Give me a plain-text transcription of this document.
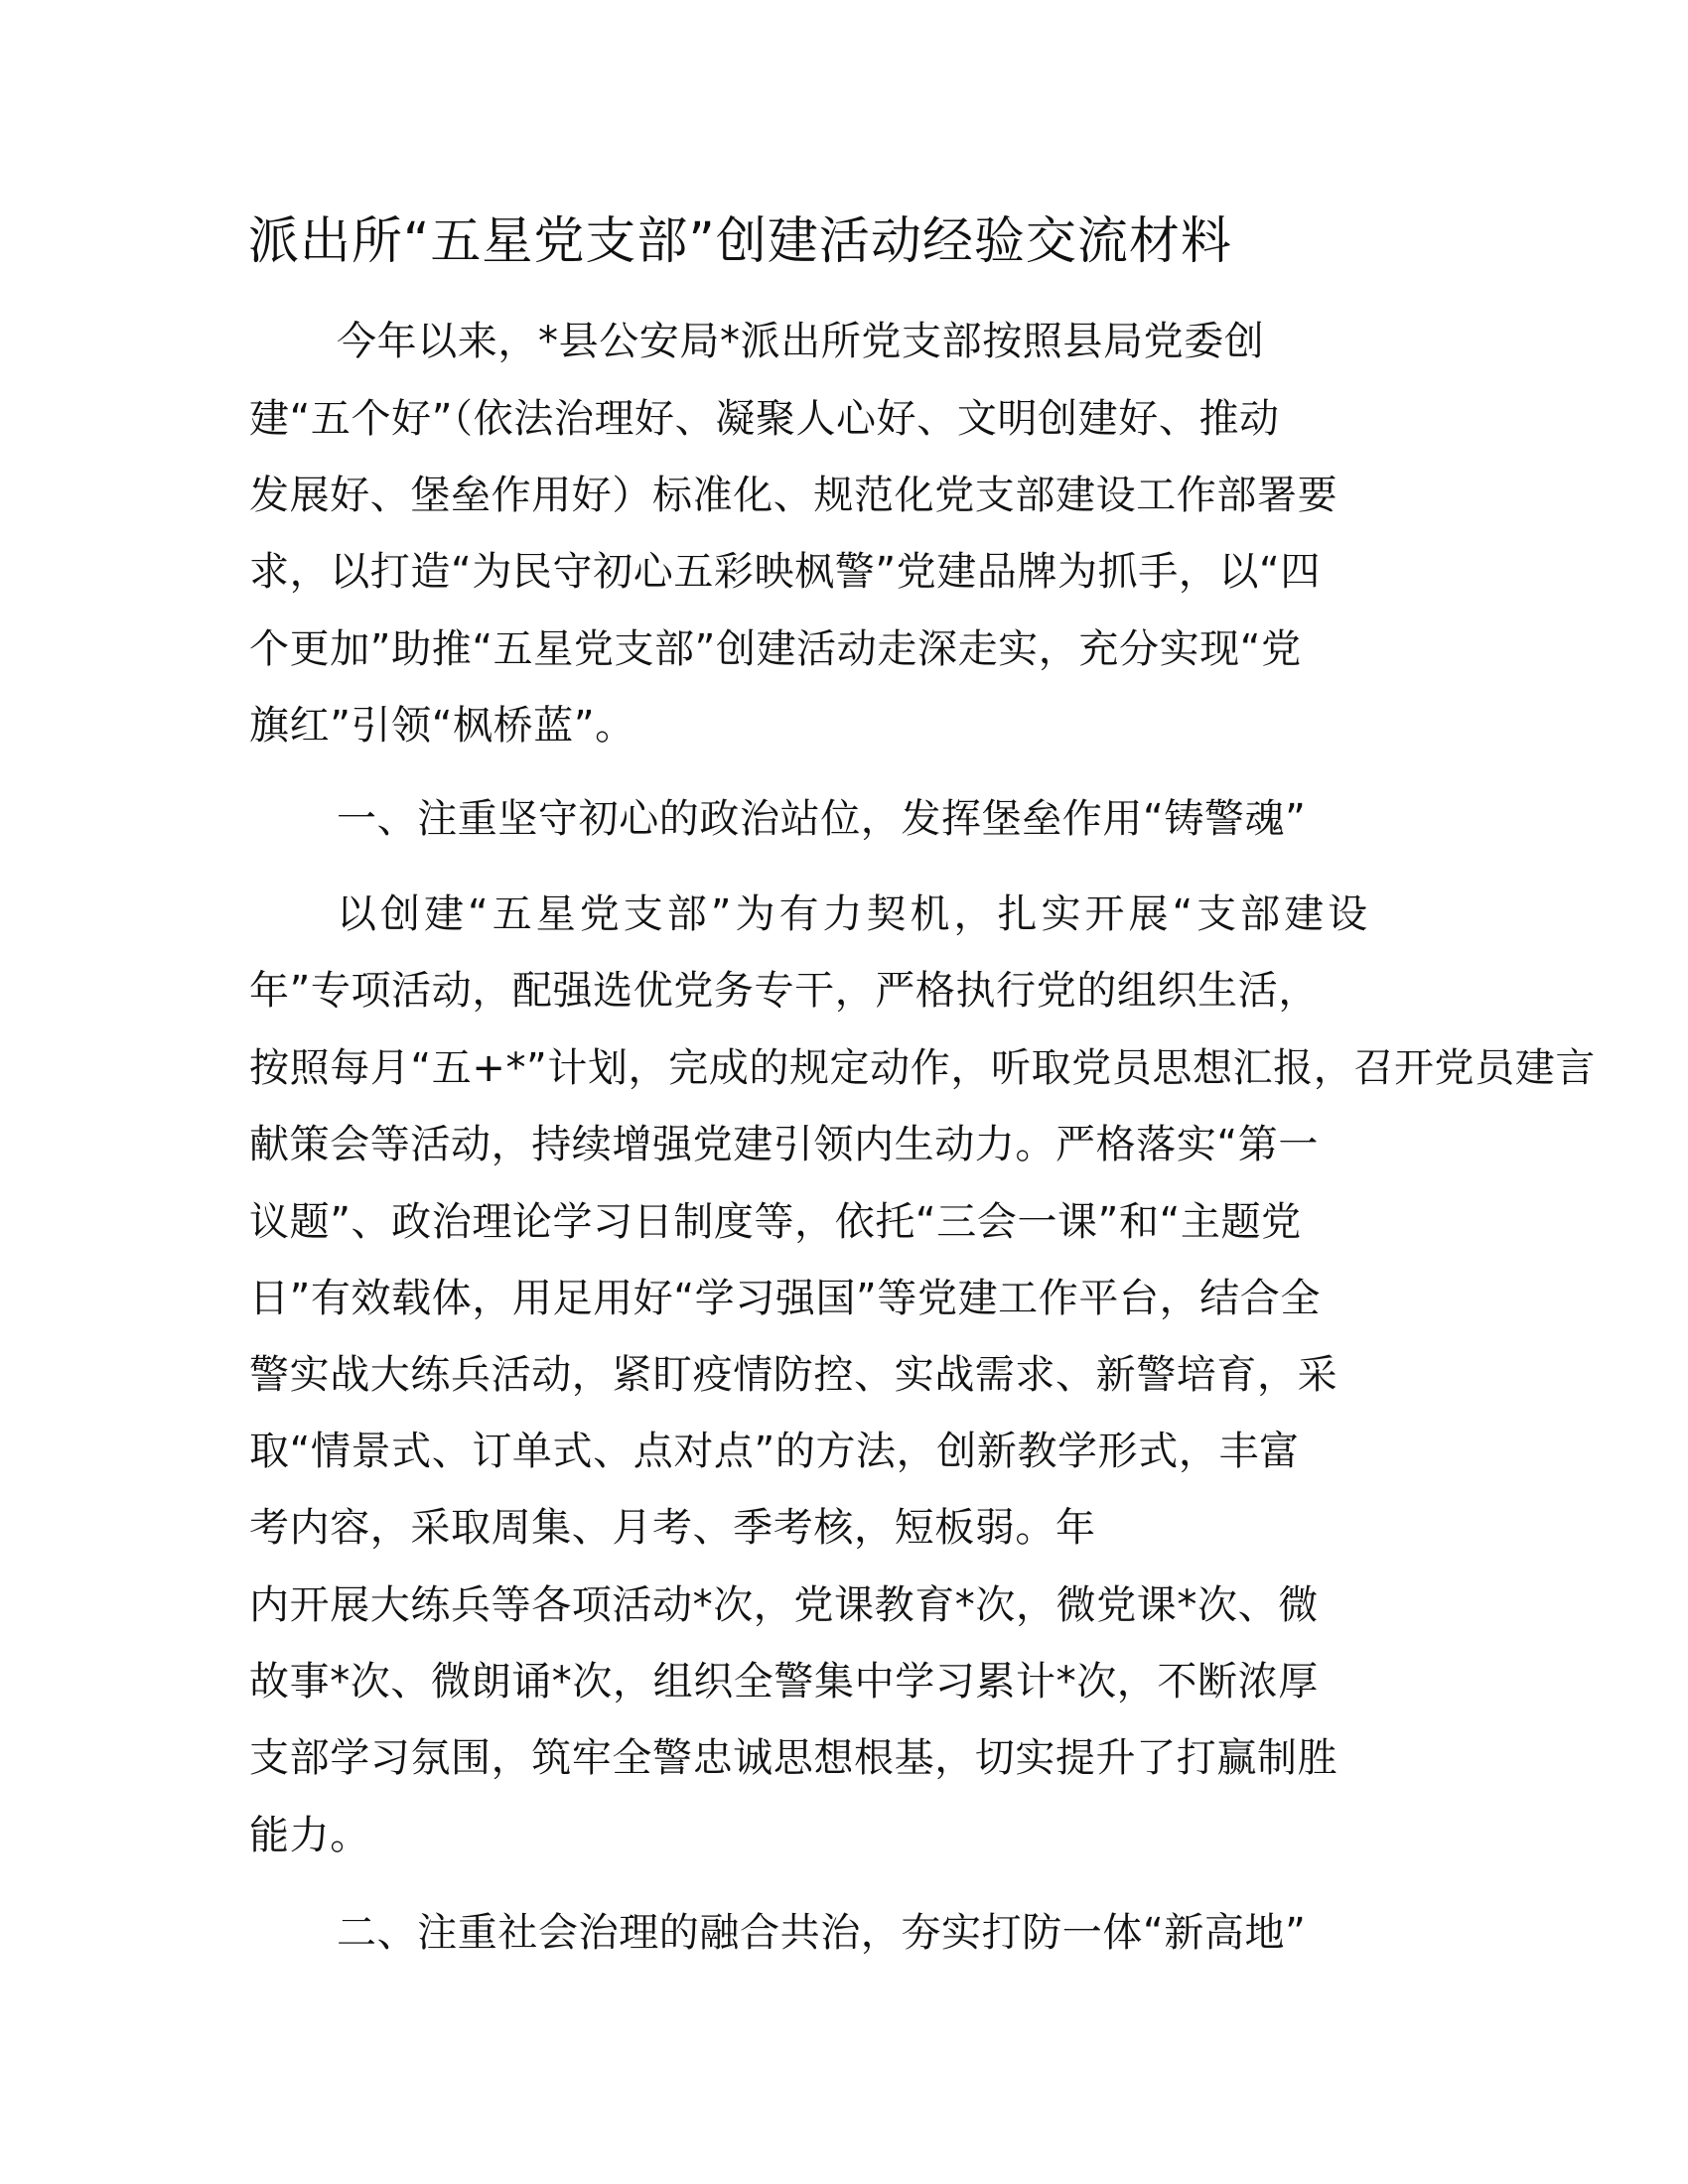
派出所“五星党支部”创建活动经验交流材料
今年以来，*县公安局*派出所党支部按照县局党委创
建“五个好”（依法治理好、凝聚人心好、文明创建好、推动
发展好、堡垒作用好）标准化、规范化党支部建设工作部署要
求，以打造“为民守初心五彩映枫警”党建品牌为抓手，以“四
个更加”助推“五星党支部”创建活动走深走实，充分实现“党
旗红”引领“枫桥蓝”。
一、注重坚守初心的政治站位，发挥堡垒作用“铸警魂”
以创建“五星党支部”为有力契机，扎实开展“支部建设
年”专项活动，配强选优党务专干，严格执行党的组织生活，
按照每月“五+*”计划，完成的规定动作，听取党员思想汇报，召开党员建言
献策会等活动，持续增强党建引领内生动力。严格落实“第一
议题”、政治理论学习日制度等，依托“三会一课”和“主题党
日”有效载体，用足用好“学习强国”等党建工作平台，结合全
警实战大练兵活动，紧盯疫情防控、实战需求、新警培育，采
取“情景式、订单式、点对点”的方法，创新教学形式，丰富
考内容，采取周集、月考、季考核，短板弱。年
内开展大练兵等各项活动*次，党课教育*次，微党课*次、微
故事*次、微朗诵*次，组织全警集中学习累计*次，不断浓厚
支部学习氛围，筑牢全警忠诚思想根基，切实提升了打赢制胜
能力。
二、注重社会治理的融合共治，夯实打防一体“新高地”
